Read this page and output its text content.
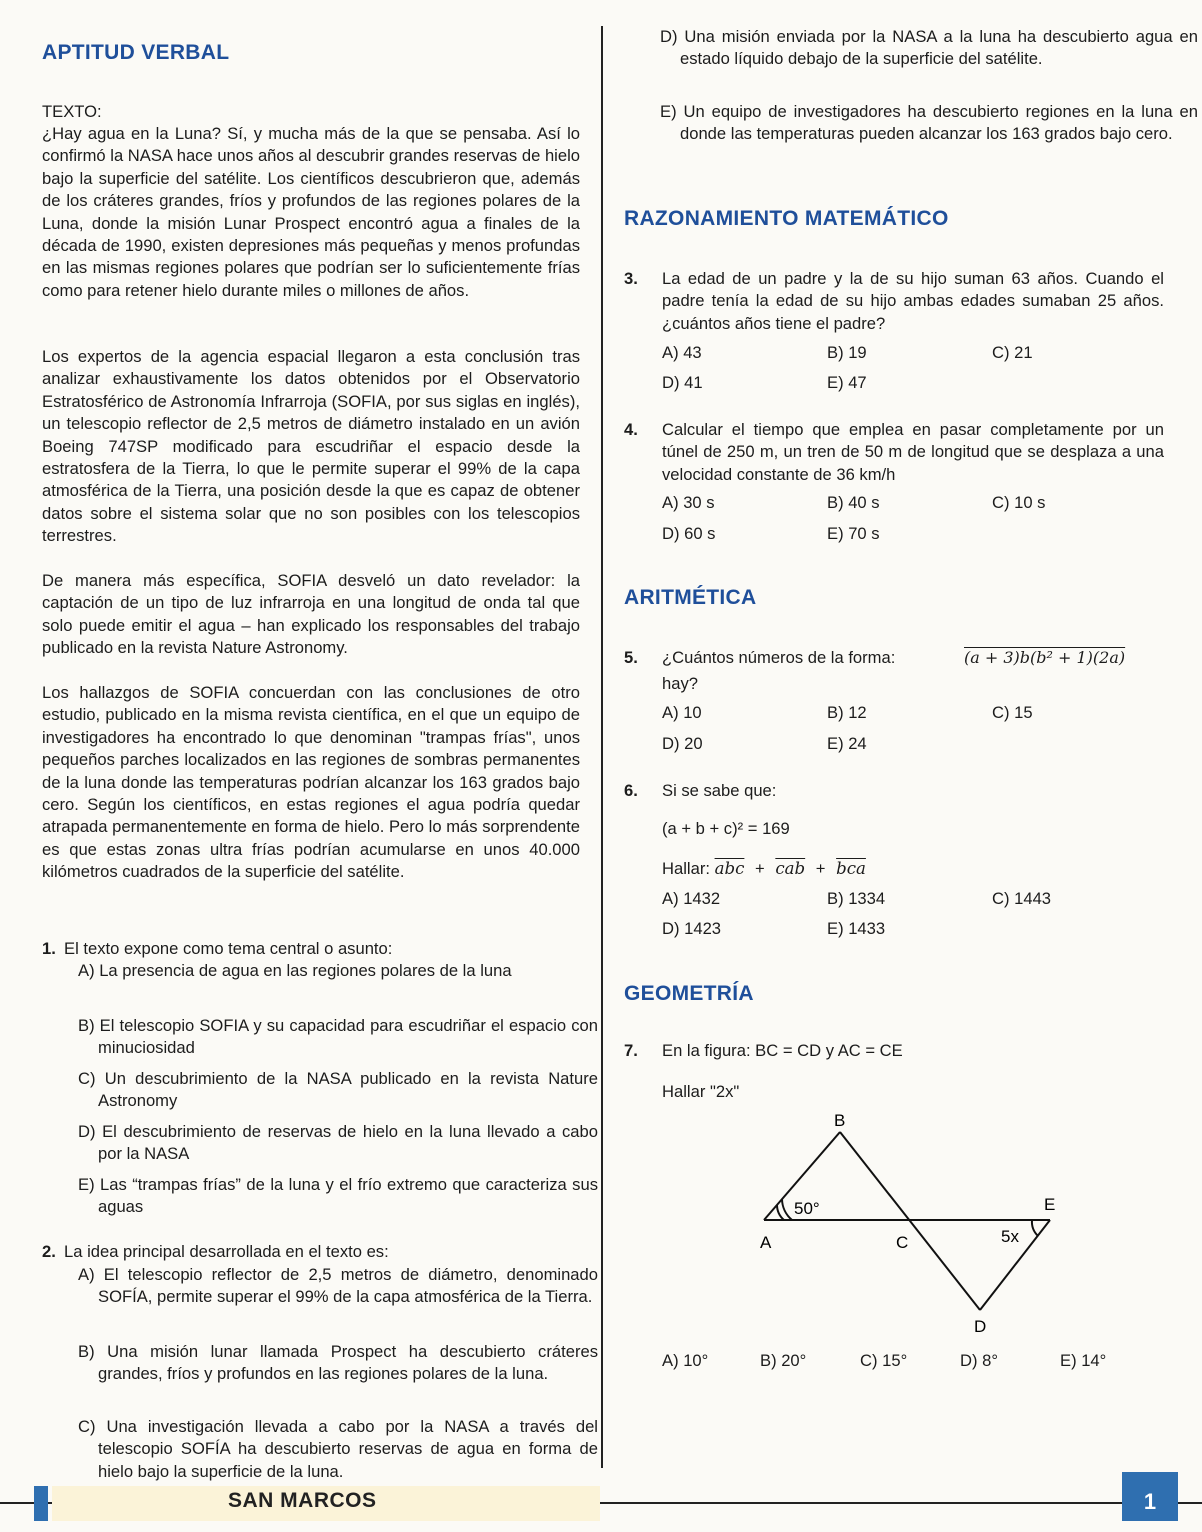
APTITUD VERBAL
TEXTO:
¿Hay agua en la Luna? Sí, y mucha más de la que se pensaba. Así lo confirmó la NASA hace unos años al descubrir grandes reservas de hielo bajo la superficie del satélite. Los científicos descubrieron que, además de los cráteres grandes, fríos y profundos de las regiones polares de la Luna, donde la misión Lunar Prospect encontró agua a finales de la década de 1990, existen depresiones más pequeñas y menos profundas en las mismas regiones polares que podrían ser lo suficientemente frías como para retener hielo durante miles o millones de años.
Los expertos de la agencia espacial llegaron a esta conclusión tras analizar exhaustivamente los datos obtenidos por el Observatorio Estratosférico de Astronomía Infrarroja (SOFIA, por sus siglas en inglés), un telescopio reflector de 2,5 metros de diámetro instalado en un avión Boeing 747SP modificado para escudriñar el espacio desde la estratosfera de la Tierra, lo que le permite superar el 99% de la capa atmosférica de la Tierra, una posición desde la que es capaz de obtener datos sobre el sistema solar que no son posibles con los telescopios terrestres.
De manera más específica, SOFIA desveló un dato revelador: la captación de un tipo de luz infrarroja en una longitud de onda tal que solo puede emitir el agua – han explicado los responsables del trabajo publicado en la revista Nature Astronomy.
Los hallazgos de SOFIA concuerdan con las conclusiones de otro estudio, publicado en la misma revista científica, en el que un equipo de investigadores ha encontrado lo que denominan "trampas frías", unos pequeños parches localizados en las regiones de sombras permanentes de la luna donde las temperaturas podrían alcanzar los 163 grados bajo cero. Según los científicos, en estas regiones el agua podría quedar atrapada permanentemente en forma de hielo. Pero lo más sorprendente es que estas zonas ultra frías podrían acumularse en unos 40.000 kilómetros cuadrados de la superficie del satélite.
1. El texto expone como tema central o asunto:
A) La presencia de agua en las regiones polares de la luna
B) El telescopio SOFIA y su capacidad para escudriñar el espacio con minuciosidad
C) Un descubrimiento de la NASA publicado en la revista Nature Astronomy
D) El descubrimiento de reservas de hielo en la luna llevado a cabo por la NASA
E) Las “trampas frías” de la luna y el frío extremo que caracteriza sus aguas
2. La idea principal desarrollada en el texto es:
A) El telescopio reflector de 2,5 metros de diámetro, denominado SOFÍA, permite superar el 99% de la capa atmosférica de la Tierra.
B) Una misión lunar llamada Prospect ha descubierto cráteres grandes, fríos y profundos en las regiones polares de la luna.
C) Una investigación llevada a cabo por la NASA a través del telescopio SOFÍA ha descubierto reservas de agua en forma de hielo bajo la superficie de la luna.
D) Una misión enviada por la NASA a la luna ha descubierto agua en estado líquido debajo de la superficie del satélite.
E) Un equipo de investigadores ha descubierto regiones en la luna en donde las temperaturas pueden alcanzar los 163 grados bajo cero.
RAZONAMIENTO MATEMÁTICO
3. La edad de un padre y la de su hijo suman 63 años. Cuando el padre tenía la edad de su hijo ambas edades sumaban 25 años. ¿cuántos años tiene el padre?
A) 43	B) 19	C) 21
D) 41	E) 47
4. Calcular el tiempo que emplea en pasar completamente por un túnel de 250 m, un tren de 50 m de longitud que se desplaza a una velocidad constante de 36 km/h
A) 30 s	B) 40 s	C) 10 s
D) 60 s	E) 70 s
ARITMÉTICA
5. ¿Cuántos números de la forma:	(a + 3)b(b² + 1)(2a)
hay?
A) 10	B) 12	C) 15
D) 20	E) 24
6. Si se sabe que:
(a + b + c)² = 169
Hallar: $\overline{abc} + \overline{cab} + \overline{bca}$
A) 1432	B) 1334	C) 1443
D) 1423	E) 1433
GEOMETRÍA
7. En la figura: BC = CD y AC = CE
Hallar "2x"
B
A	C
D
E
50°
5x
A) 10°	B) 20°	C) 15°	D) 8°	E) 14°
SAN MARCOS	1
